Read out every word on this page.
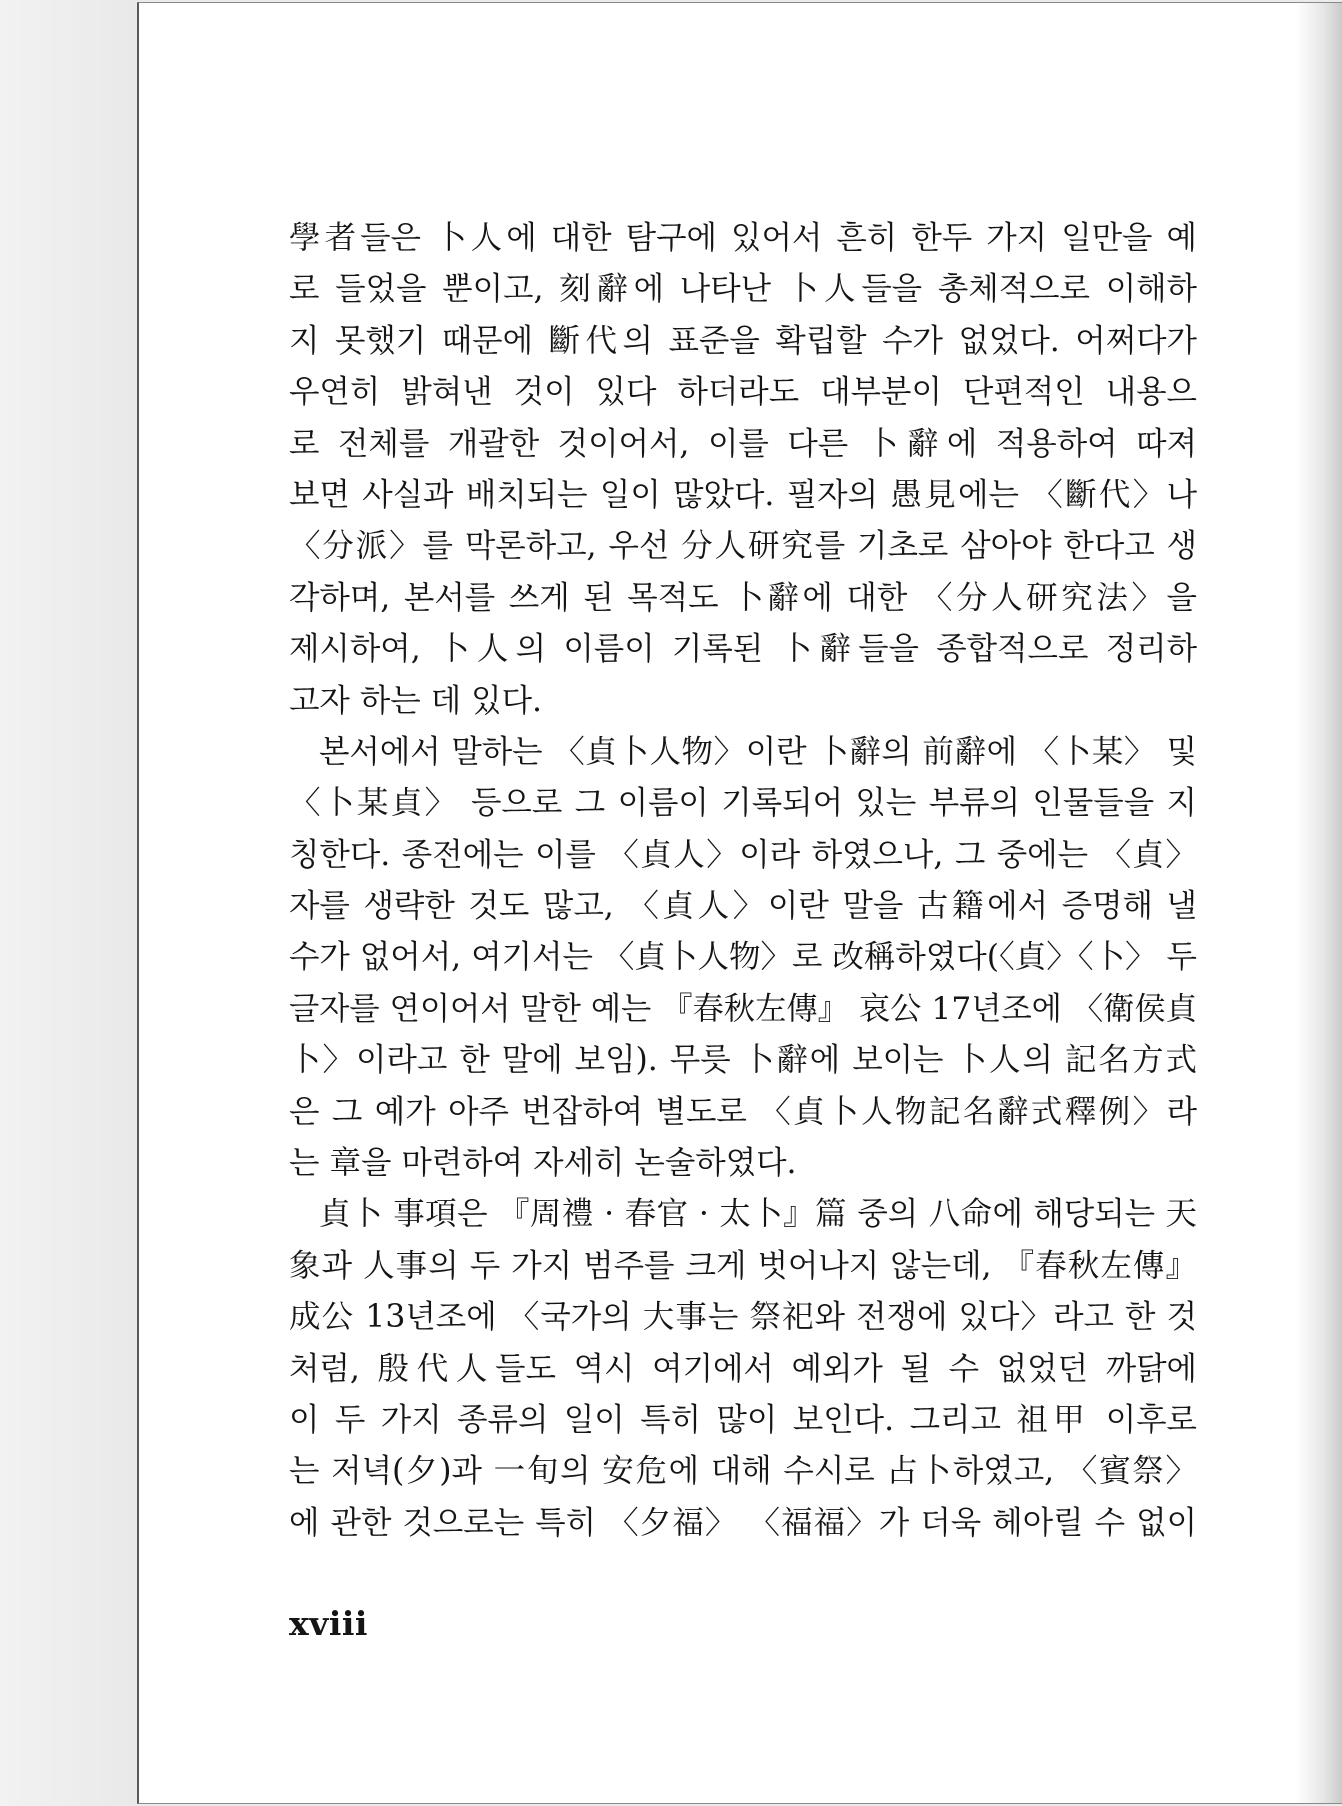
學者들은 卜人에 대한 탐구에 있어서 흔히 한두 가지 일만을 예
로 들었을 뿐이고, 刻辭에 나타난 卜人들을 총체적으로 이해하
지 못했기 때문에 斷代의 표준을 확립할 수가 없었다. 어쩌다가
우연히 밝혀낸 것이 있다 하더라도 대부분이 단편적인 내용으
로 전체를 개괄한 것이어서, 이를 다른 卜辭에 적용하여 따져
보면 사실과 배치되는 일이 많았다. 필자의 愚見에는 〈斷代〉나
〈分派〉를 막론하고, 우선 分人研究를 기초로 삼아야 한다고 생
각하며, 본서를 쓰게 된 목적도 卜辭에 대한 〈分人研究法〉을
제시하여, 卜人의 이름이 기록된 卜辭들을 종합적으로 정리하
고자 하는 데 있다.
본서에서 말하는 〈貞卜人物〉이란 卜辭의 前辭에 〈卜某〉 및
〈卜某貞〉 등으로 그 이름이 기록되어 있는 부류의 인물들을 지
칭한다. 종전에는 이를 〈貞人〉이라 하였으나, 그 중에는 〈貞〉
자를 생략한 것도 많고, 〈貞人〉이란 말을 古籍에서 증명해 낼
수가 없어서, 여기서는 〈貞卜人物〉로 改稱하였다(〈貞〉〈卜〉 두
글자를 연이어서 말한 예는 『春秋左傳』 哀公 17년조에 〈衛侯貞
卜〉이라고 한 말에 보임). 무릇 卜辭에 보이는 卜人의 記名方式
은 그 예가 아주 번잡하여 별도로 〈貞卜人物記名辭式釋例〉라
는 章을 마련하여 자세히 논술하였다.
貞卜 事項은 『周禮 · 春官 · 太卜』篇 중의 八命에 해당되는 天
象과 人事의 두 가지 범주를 크게 벗어나지 않는데, 『春秋左傳』
成公 13년조에 〈국가의 大事는 祭祀와 전쟁에 있다〉라고 한 것
처럼, 殷代人들도 역시 여기에서 예외가 될 수 없었던 까닭에
이 두 가지 종류의 일이 특히 많이 보인다. 그리고 祖甲 이후로
는 저녁(夕)과 一旬의 安危에 대해 수시로 占卜하였고, 〈賓祭〉
에 관한 것으로는 특히 〈夕福〉 〈福福〉가 더욱 헤아릴 수 없이
xviii
